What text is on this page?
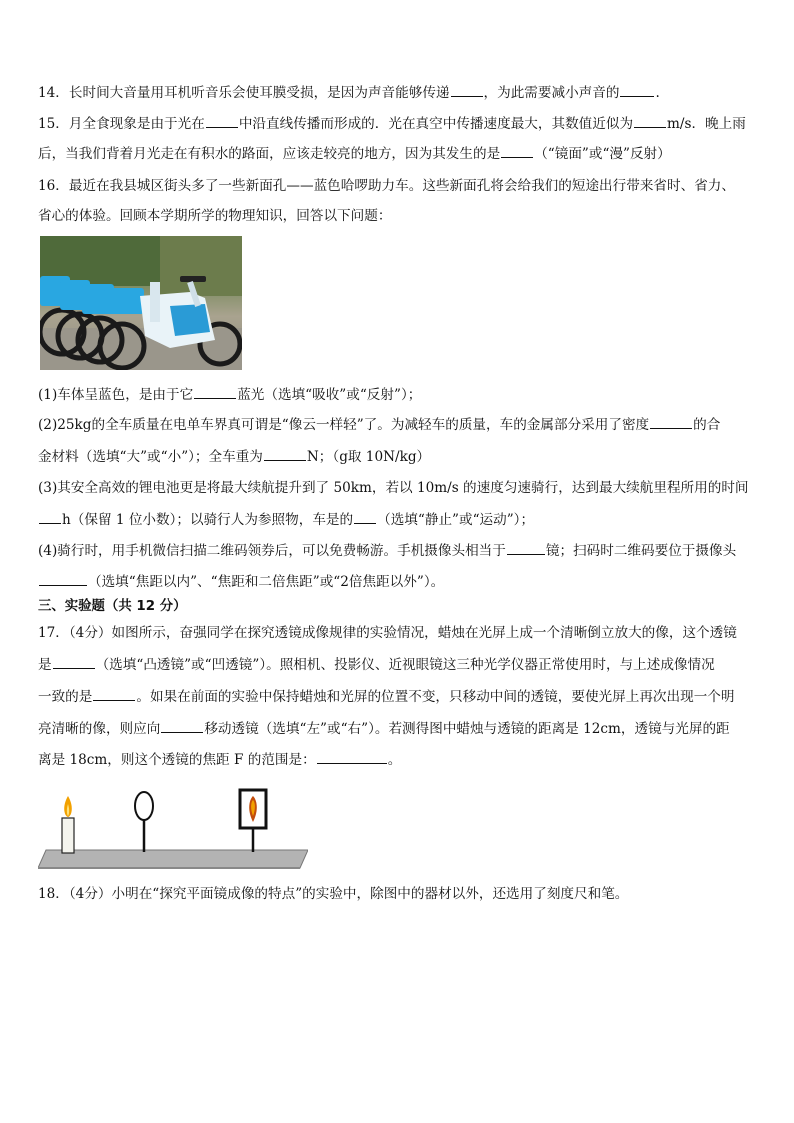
14．长时间大音量用耳机听音乐会使耳膜受损，是因为声音能够传递	，为此需要减小声音的	.
15．月全食现象是由于光在	中沿直线传播而形成的．光在真空中传播速度最大，其数值近似为	m/s．晚上雨
后，当我们背着月光走在有积水的路面，应该走较亮的地方，因为其发生的是	（“镜面”或“漫”反射）
16．最近在我县城区街头多了一些新面孔——蓝色哈啰助力车。这些新面孔将会给我们的短途出行带来省时、省力、
省心的体验。回顾本学期所学的物理知识，回答以下问题：
(1)车体呈蓝色，是由于它	蓝光（选填“吸收”或“反射”）；
(2)25kg的全车质量在电单车界真可谓是“像云一样轻”了。为减轻车的质量，车的金属部分采用了密度	的合
金材料（选填“大”或“小”）；全车重为	N；（g取 10N/kg）
(3)其安全高效的锂电池更是将最大续航提升到了 50km，若以 10m/s 的速度匀速骑行，达到最大续航里程所用的时间
h（保留 1 位小数）；以骑行人为参照物，车是的 （选填“静止”或“运动”）；
(4)骑行时，用手机微信扫描二维码领券后，可以免费畅游。手机摄像头相当于	镜；扫码时二维码要位于摄像头
（选填“焦距以内”、“焦距和二倍焦距”或“2倍焦距以外”）。
三、实验题（共 12 分）
17．（4分）如图所示，奋强同学在探究透镜成像规律的实验情况，蜡烛在光屏上成一个清晰倒立放大的像，这个透镜
是	（选填“凸透镜”或“凹透镜”）。照相机、投影仪、近视眼镜这三种光学仪器正常使用时，与上述成像情况
一致的是	。如果在前面的实验中保持蜡烛和光屏的位置不变，只移动中间的透镜，要使光屏上再次出现一个明
亮清晰的像，则应向	移动透镜（选填“左”或“右”）。若测得图中蜡烛与透镜的距离是 12cm，透镜与光屏的距
离是 18cm，则这个透镜的焦距 F 的范围是：	。
18．（4分）小明在“探究平面镜成像的特点”的实验中，除图中的器材以外，还选用了刻度尺和笔。
